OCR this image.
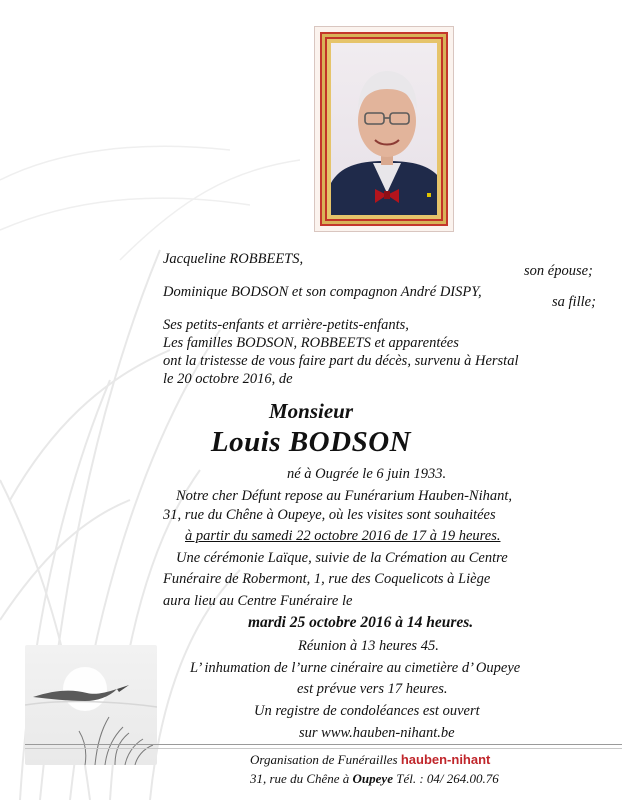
Jacqueline ROBBEETS,
son épouse;
Dominique BODSON et son compagnon André DISPY,
sa fille;
Ses petits-enfants et arrière-petits-enfants,
Les familles BODSON, ROBBEETS et apparentées
ont la tristesse de vous faire part du décès, survenu à Herstal
le 20 octobre 2016, de
Monsieur
Louis BODSON
né à Ougrée le 6 juin 1933.
Notre cher Défunt repose au Funérarium Hauben-Nihant,
31, rue du Chêne à Oupeye, où les visites sont souhaitées
à partir du samedi 22 octobre 2016 de 17 à 19 heures.
Une cérémonie Laïque, suivie de la Crémation au Centre
Funéraire de Robermont, 1, rue des Coquelicots à Liège
aura lieu au Centre Funéraire le
mardi 25 octobre 2016 à 14 heures.
Réunion à 13 heures 45.
L’ inhumation de l’urne cinéraire au cimetière d’ Oupeye
est prévue vers 17 heures.
Un registre de condoléances est ouvert
sur www.hauben-nihant.be
Organisation de Funérailles hauben-nihant
31, rue du Chêne à Oupeye Tél. : 04/ 264.00.76
